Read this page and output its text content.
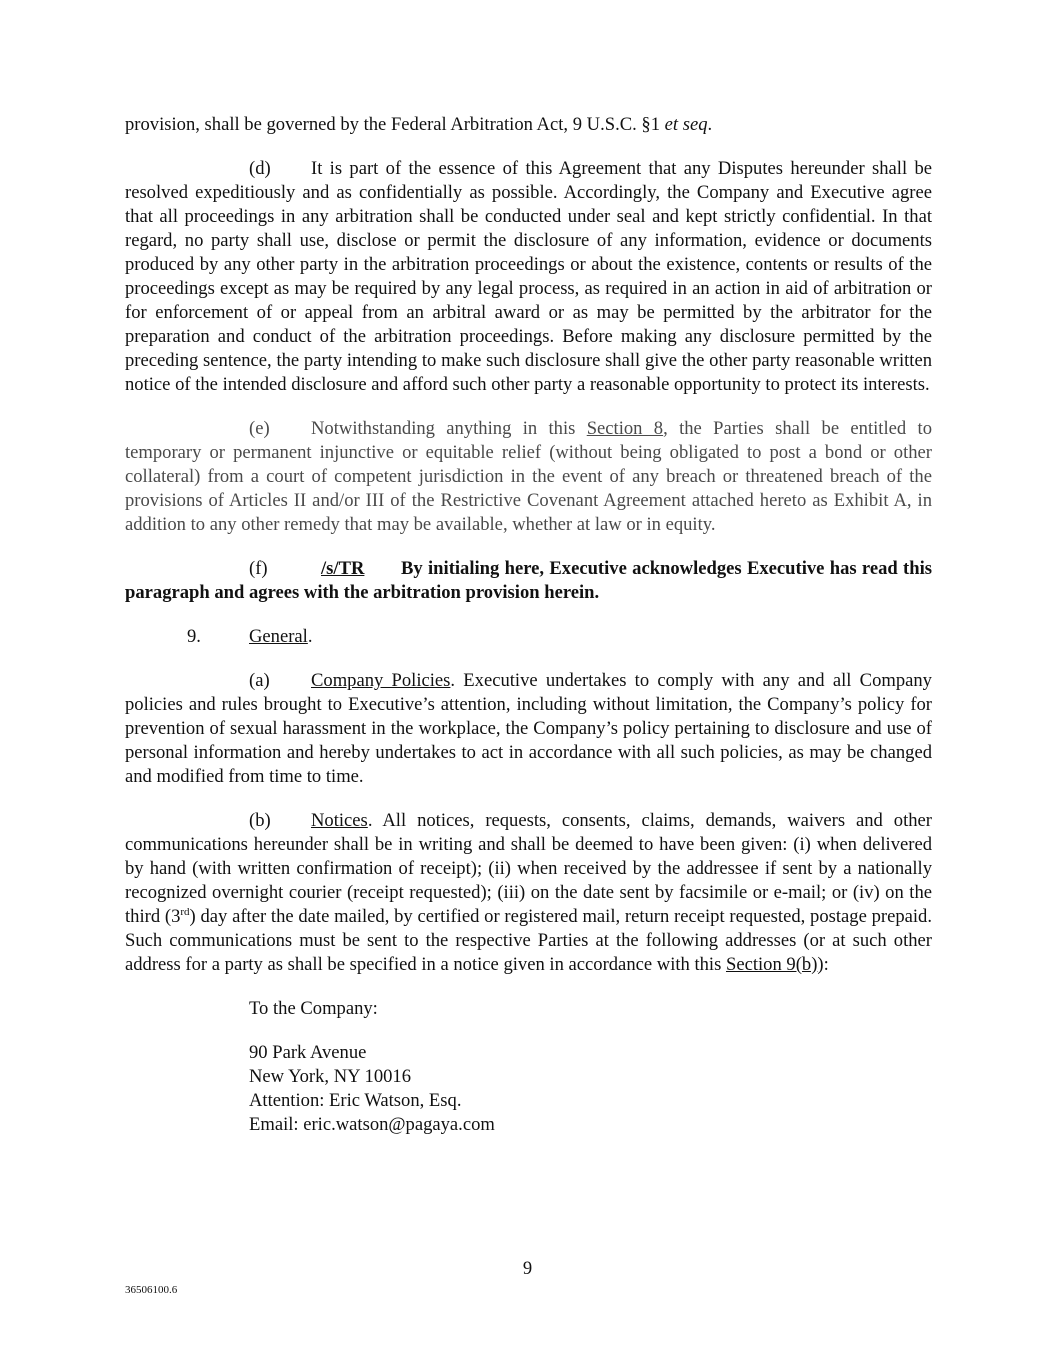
provision, shall be governed by the Federal Arbitration Act, 9 U.S.C. §1 et seq.

(d) It is part of the essence of this Agreement that any Disputes hereunder shall be resolved expeditiously and as confidentially as possible. Accordingly, the Company and Executive agree that all proceedings in any arbitration shall be conducted under seal and kept strictly confidential. In that regard, no party shall use, disclose or permit the disclosure of any information, evidence or documents produced by any other party in the arbitration proceedings or about the existence, contents or results of the proceedings except as may be required by any legal process, as required in an action in aid of arbitration or for enforcement of or appeal from an arbitral award or as may be permitted by the arbitrator for the preparation and conduct of the arbitration proceedings. Before making any disclosure permitted by the preceding sentence, the party intending to make such disclosure shall give the other party reasonable written notice of the intended disclosure and afford such other party a reasonable opportunity to protect its interests.

(e) Notwithstanding anything in this Section 8, the Parties shall be entitled to temporary or permanent injunctive or equitable relief (without being obligated to post a bond or other collateral) from a court of competent jurisdiction in the event of any breach or threatened breach of the provisions of Articles II and/or III of the Restrictive Covenant Agreement attached hereto as Exhibit A, in addition to any other remedy that may be available, whether at law or in equity.

(f)	/s/TR By initialing here, Executive acknowledges Executive has read this paragraph and agrees with the arbitration provision herein.

9.	General.

(a) Company Policies. Executive undertakes to comply with any and all Company policies and rules brought to Executive’s attention, including without limitation, the Company’s policy for prevention of sexual harassment in the workplace, the Company’s policy pertaining to disclosure and use of personal information and hereby undertakes to act in accordance with all such policies, as may be changed and modified from time to time.

(b) Notices. All notices, requests, consents, claims, demands, waivers and other communications hereunder shall be in writing and shall be deemed to have been given: (i) when delivered by hand (with written confirmation of receipt); (ii) when received by the addressee if sent by a nationally recognized overnight courier (receipt requested); (iii) on the date sent by facsimile or e-mail; or (iv) on the third (3rd) day after the date mailed, by certified or registered mail, return receipt requested, postage prepaid. Such communications must be sent to the respective Parties at the following addresses (or at such other address for a party as shall be specified in a notice given in accordance with this Section 9(b)):

To the Company:
90 Park Avenue
New York, NY 10016
Attention: Eric Watson, Esq.
Email: eric.watson@pagaya.com
9
36506100.6
